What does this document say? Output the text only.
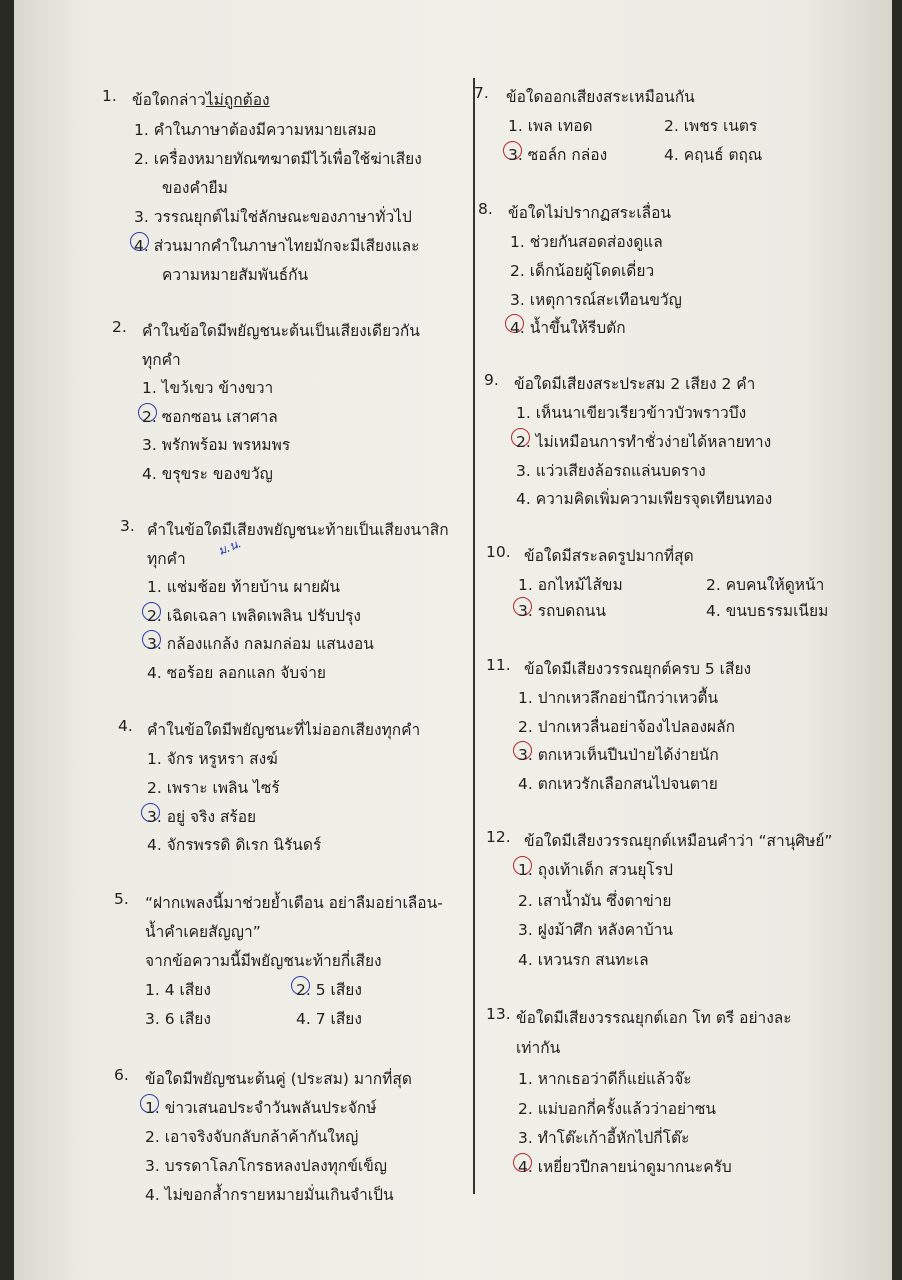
1. ข้อใดกล่าวไม่ถูกต้อง
1. คำในภาษาต้องมีความหมายเสมอ
2. เครื่องหมายทัณฑฆาตมีไว้เพื่อใช้ฆ่าเสียง
ของคำยืม
3. วรรณยุกต์ไม่ใช่ลักษณะของภาษาทั่วไป
4. ส่วนมากคำในภาษาไทยมักจะมีเสียงและ
ความหมายสัมพันธ์กัน
2. คำในข้อใดมีพยัญชนะต้นเป็นเสียงเดียวกัน
ทุกคำ
1. ไขว้เขว ข้างขวา
2. ซอกซอน เสาศาล
3. พรักพร้อม พรหมพร
4. ขรุขระ ของขวัญ
3. คำในข้อใดมีเสียงพยัญชนะท้ายเป็นเสียงนาสิก
ทุกคำ
ม.น.
1. แช่มช้อย ท้ายบ้าน ผายผัน
2. เฉิดเฉลา เพลิดเพลิน ปรับปรุง
3. กล้องแกล้ง กลมกล่อม แสนงอน
4. ซอร้อย ลอกแลก จับจ่าย
4. คำในข้อใดมีพยัญชนะที่ไม่ออกเสียงทุกคำ
1. จักร หรูหรา สงฆ์
2. เพราะ เพลิน ไซร้
3. อยู่ จริง สร้อย
4. จักรพรรดิ ดิเรก นิรันดร์
5. “ฝากเพลงนี้มาช่วยย้ำเตือน อย่าลืมอย่าเลือน-
น้ำคำเคยสัญญา”
จากข้อความนี้มีพยัญชนะท้ายกี่เสียง
1. 4 เสียง	2. 5 เสียง
3. 6 เสียง	4. 7 เสียง
6. ข้อใดมีพยัญชนะต้นคู่ (ประสม) มากที่สุด
1. ข่าวเสนอประจำวันพลันประจักษ์
2. เอาจริงจับกลับกล้าค้ากันใหญ่
3. บรรดาโลภโกรธหลงปลงทุกข์เข็ญ
4. ไม่ขอกล้ำกรายหมายมั่นเกินจำเป็น
7. ข้อใดออกเสียงสระเหมือนกัน
1. เพล เทอด	2. เพชร เนตร
3. ซอล์ก กล่อง	4. คฤนธ์ ตฤณ
8. ข้อใดไม่ปรากฏสระเลื่อน
1. ช่วยกันสอดส่องดูแล
2. เด็กน้อยผู้โดดเดี่ยว
3. เหตุการณ์สะเทือนขวัญ
4. น้ำขึ้นให้รีบตัก
9. ข้อใดมีเสียงสระประสม 2 เสียง 2 คำ
1. เห็นนาเขียวเรียวข้าวบัวพราวบึง
2. ไม่เหมือนการทำชั่วง่ายได้หลายทาง
3. แว่วเสียงล้อรถแล่นบดราง
4. ความคิดเพิ่มความเพียรจุดเทียนทอง
10. ข้อใดมีสระลดรูปมากที่สุด
1. อกไหม้ไส้ขม	2. คบคนให้ดูหน้า
3. รถบดถนน	4. ขนบธรรมเนียม
11. ข้อใดมีเสียงวรรณยุกต์ครบ 5 เสียง
1. ปากเหวลึกอย่านึกว่าเหวตื้น
2. ปากเหวลื่นอย่าจ้องไปลองผลัก
3. ตกเหวเห็นปีนป่ายได้ง่ายนัก
4. ตกเหวรักเลือกสนไปจนตาย
12. ข้อใดมีเสียงวรรณยุกต์เหมือนคำว่า “สานุศิษย์”
1. ถุงเท้าเด็ก สวนยุโรป
2. เสาน้ำมัน ซึ่งตาข่าย
3. ฝูงม้าศึก หลังคาบ้าน
4. เหวนรก สนทะเล
13. ข้อใดมีเสียงวรรณยุกต์เอก โท ตรี อย่างละ
เท่ากัน
1. หากเธอว่าดีก็แย่แล้วจ๊ะ
2. แม่บอกกี่ครั้งแล้วว่าอย่าซน
3. ทำโต๊ะเก้าอี้หักไปกี่โต๊ะ
4. เหยี่ยวปีกลายน่าดูมากนะครับ
